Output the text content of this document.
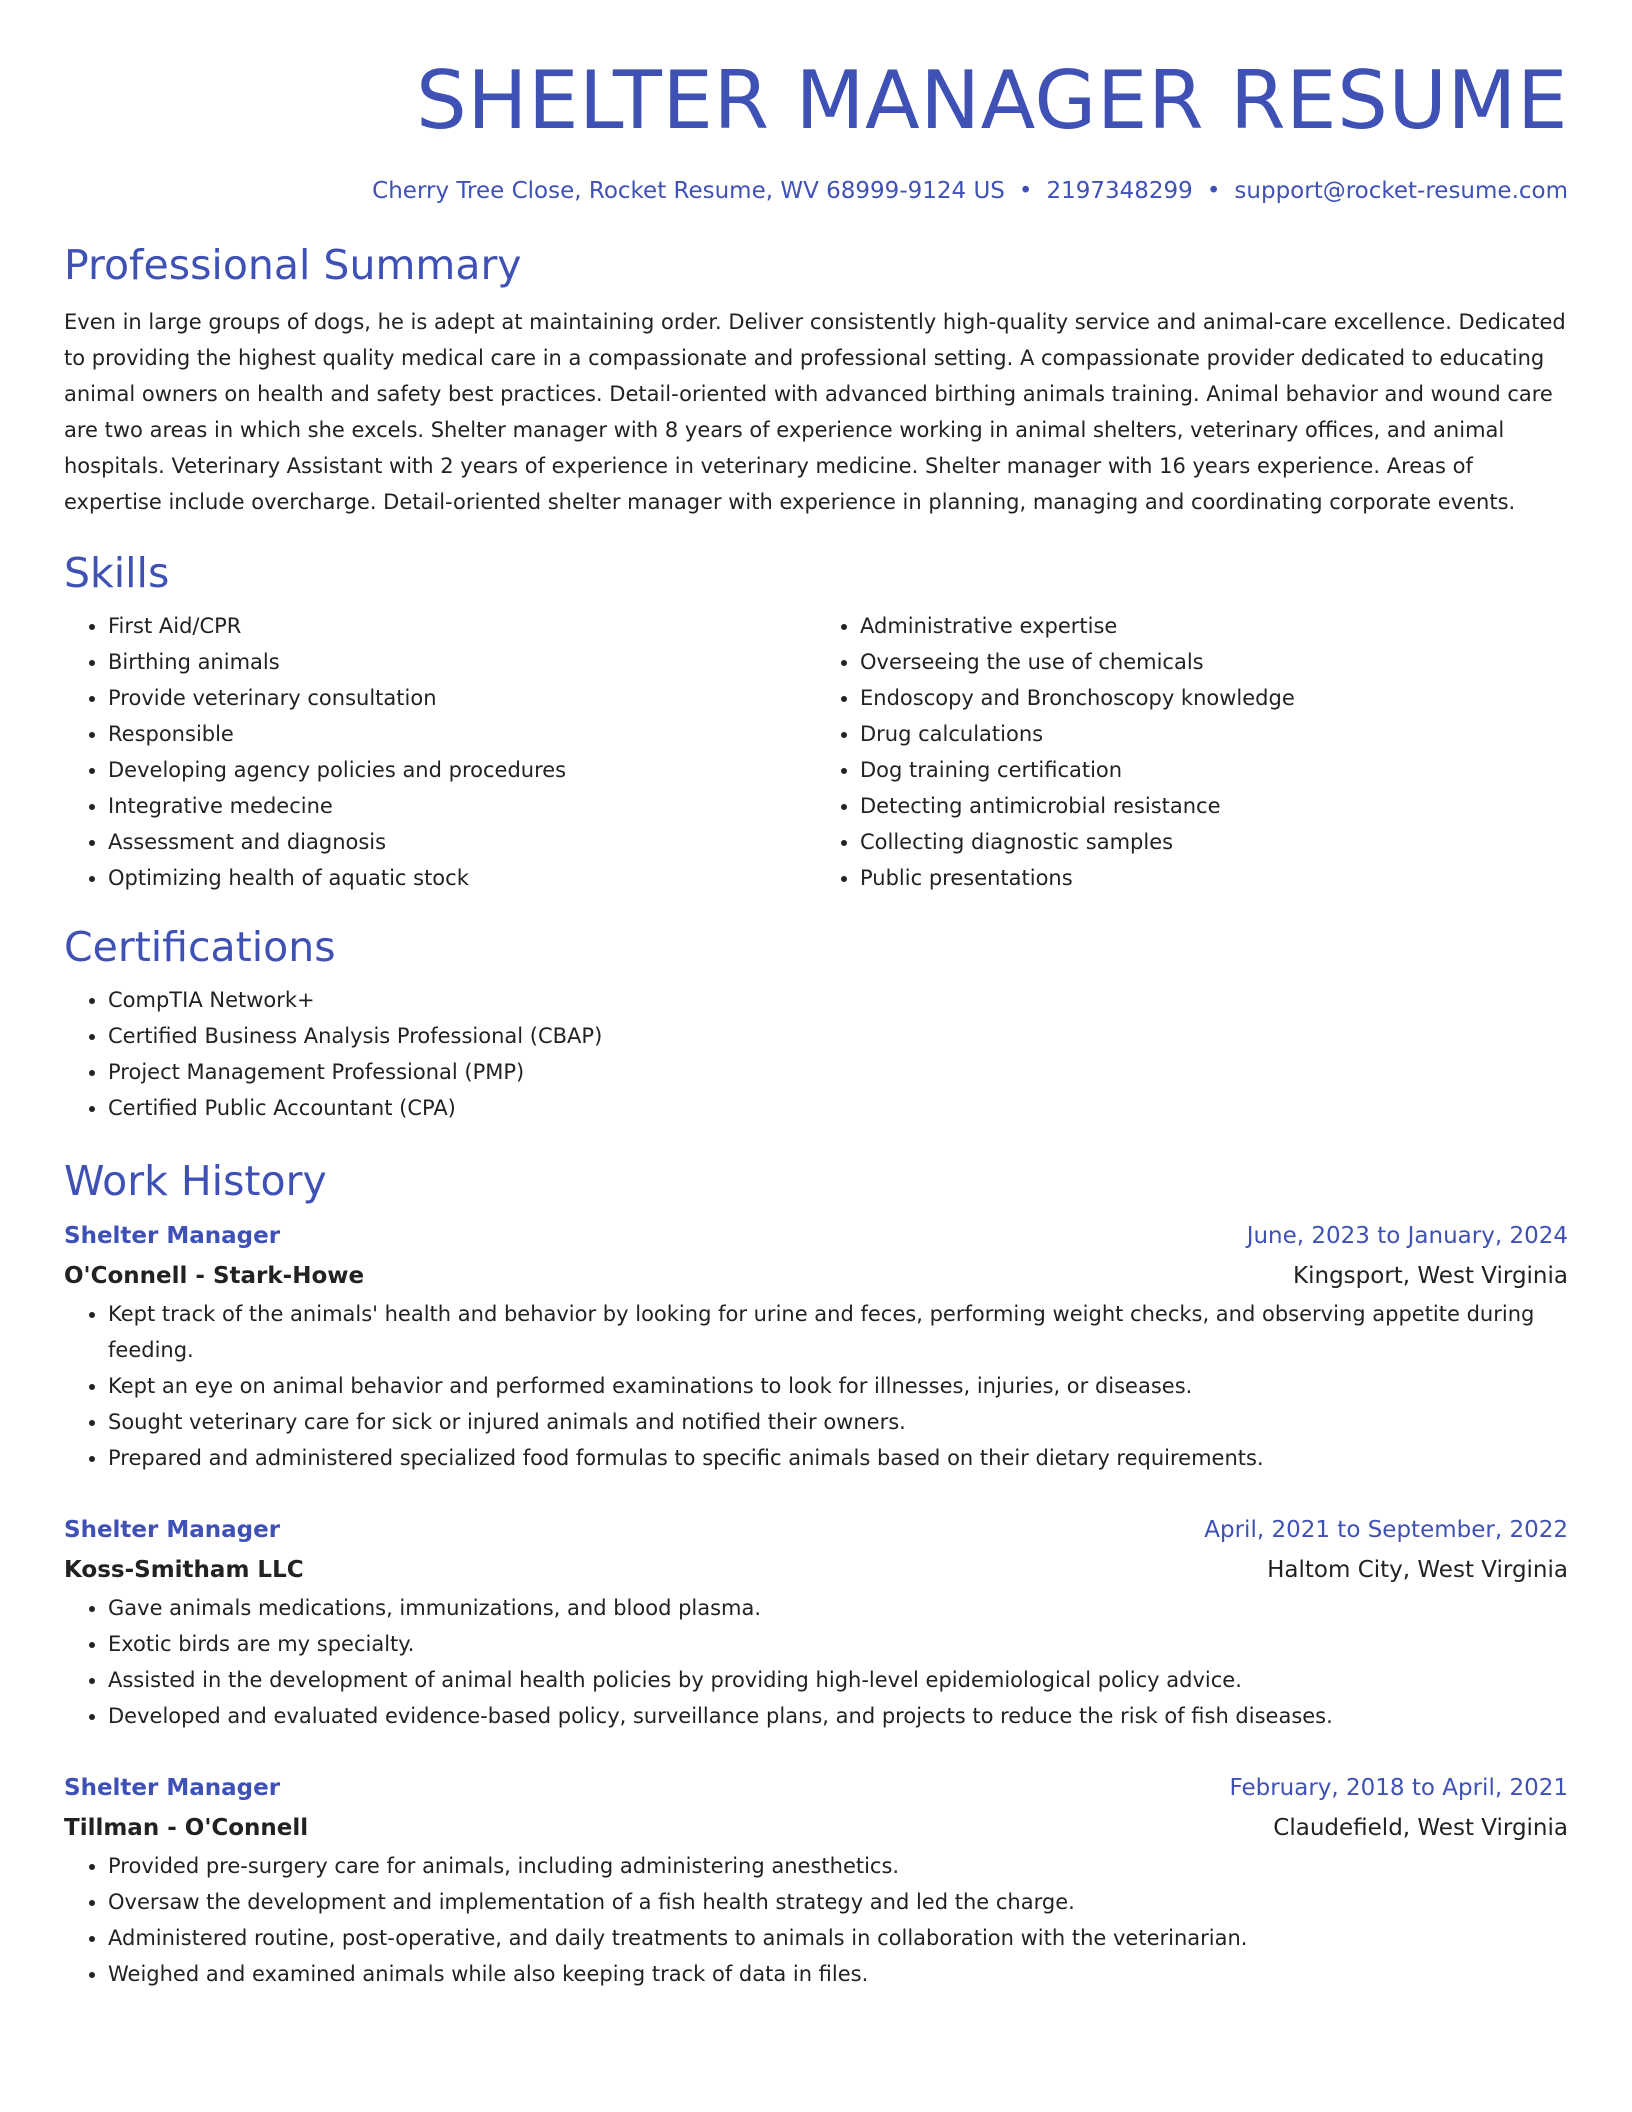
SHELTER MANAGER RESUME
Cherry Tree Close, Rocket Resume, WV 68999-9124 US • 2197348299 • support@rocket-resume.com
Professional Summary

Even in large groups of dogs, he is adept at maintaining order. Deliver consistently high-quality service and animal-care excellence. Dedicated to providing the highest quality medical care in a compassionate and professional setting. A compassionate provider dedicated to educating animal owners on health and safety best practices. Detail-oriented with advanced birthing animals training. Animal behavior and wound care are two areas in which she excels. Shelter manager with 8 years of experience working in animal shelters, veterinary offices, and animal hospitals. Veterinary Assistant with 2 years of experience in veterinary medicine. Shelter manager with 16 years experience. Areas of expertise include overcharge. Detail-oriented shelter manager with experience in planning, managing and coordinating corporate events.

Skills
• First Aid/CPR
• Birthing animals
• Provide veterinary consultation
• Responsible
• Developing agency policies and procedures
• Integrative medecine
• Assessment and diagnosis
• Optimizing health of aquatic stock
• Administrative expertise
• Overseeing the use of chemicals
• Endoscopy and Bronchoscopy knowledge
• Drug calculations
• Dog training certification
• Detecting antimicrobial resistance
• Collecting diagnostic samples
• Public presentations
Certifications
• CompTIA Network+
• Certified Business Analysis Professional (CBAP)
• Project Management Professional (PMP)
• Certified Public Accountant (CPA)
Work History
Shelter Manager	June, 2023 to January, 2024
O'Connell - Stark-Howe	Kingsport, West Virginia
• Kept track of the animals' health and behavior by looking for urine and feces, performing weight checks, and observing appetite during feeding.
• Kept an eye on animal behavior and performed examinations to look for illnesses, injuries, or diseases.
• Sought veterinary care for sick or injured animals and notified their owners.
• Prepared and administered specialized food formulas to specific animals based on their dietary requirements.
Shelter Manager	April, 2021 to September, 2022
Koss-Smitham LLC	Haltom City, West Virginia
• Gave animals medications, immunizations, and blood plasma.
• Exotic birds are my specialty.
• Assisted in the development of animal health policies by providing high-level epidemiological policy advice.
• Developed and evaluated evidence-based policy, surveillance plans, and projects to reduce the risk of fish diseases.
Shelter Manager	February, 2018 to April, 2021
Tillman - O'Connell	Claudefield, West Virginia
• Provided pre-surgery care for animals, including administering anesthetics.
• Oversaw the development and implementation of a fish health strategy and led the charge.
• Administered routine, post-operative, and daily treatments to animals in collaboration with the veterinarian.
• Weighed and examined animals while also keeping track of data in files.
